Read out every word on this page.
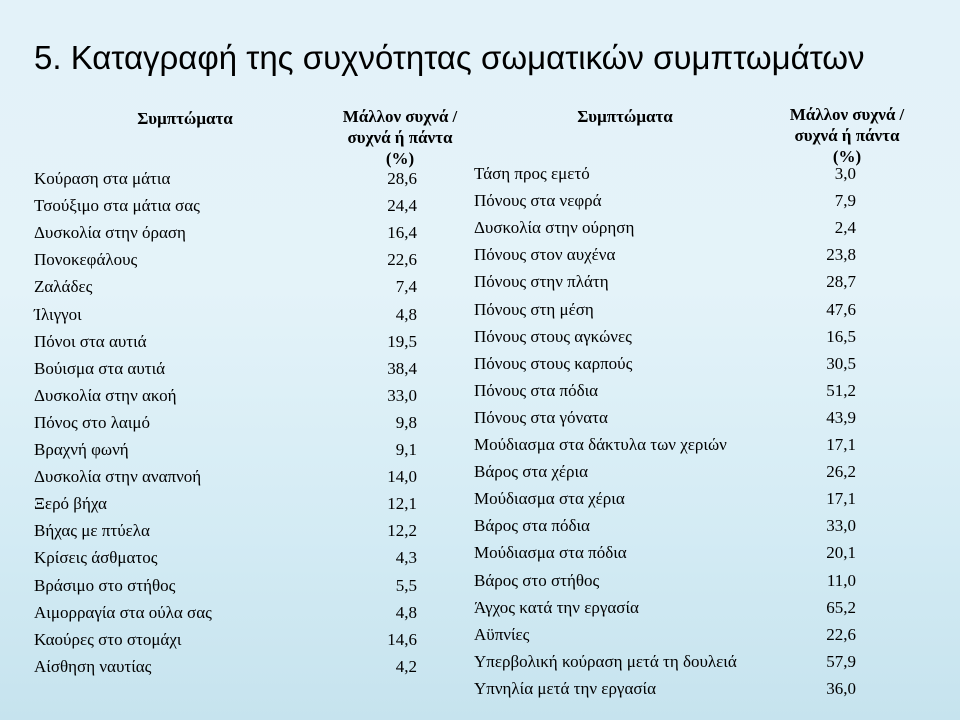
5. Καταγραφή της συχνότητας σωματικών συμπτωμάτων
Συμπτώματα	Μάλλον συχνά /
συχνά ή πάντα
(%)
Κούραση στα μάτια	28,6
Τσούξιμο στα μάτια σας	24,4
Δυσκολία στην όραση	16,4
Πονοκεφάλους	22,6
Ζαλάδες	7,4
Ίλιγγοι	4,8
Πόνοι στα αυτιά	19,5
Βούισμα στα αυτιά	38,4
Δυσκολία στην ακοή	33,0
Πόνος στο λαιμό	9,8
Βραχνή φωνή	9,1
Δυσκολία στην αναπνοή	14,0
Ξερό βήχα	12,1
Βήχας με πτύελα	12,2
Κρίσεις άσθματος	4,3
Βράσιμο στο στήθος	5,5
Αιμορραγία στα ούλα σας	4,8
Καούρες στο στομάχι	14,6
Αίσθηση ναυτίας	4,2
Συμπτώματα	Μάλλον συχνά /
συχνά ή πάντα
(%)
Τάση προς εμετό	3,0
Πόνους στα νεφρά	7,9
Δυσκολία στην ούρηση	2,4
Πόνους στον αυχένα	23,8
Πόνους στην πλάτη	28,7
Πόνους στη μέση	47,6
Πόνους στους αγκώνες	16,5
Πόνους στους καρπούς	30,5
Πόνους στα πόδια	51,2
Πόνους στα γόνατα	43,9
Μούδιασμα στα δάκτυλα των χεριών	17,1
Βάρος στα χέρια	26,2
Μούδιασμα στα χέρια	17,1
Βάρος στα πόδια	33,0
Μούδιασμα στα πόδια	20,1
Βάρος στο στήθος	11,0
Άγχος κατά την εργασία	65,2
Αϋπνίες	22,6
Υπερβολική κούραση μετά τη δουλειά	57,9
Υπνηλία μετά την εργασία	36,0
